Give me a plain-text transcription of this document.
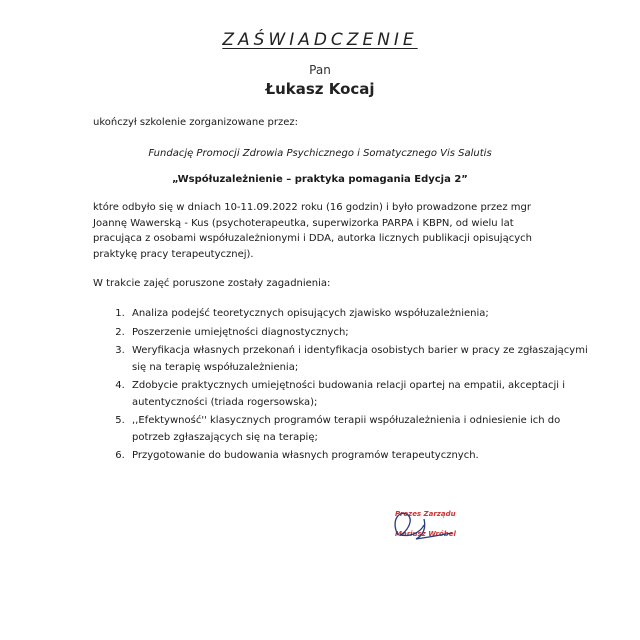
ZAŚWIADCZENIE
Pan
Łukasz Kocaj
ukończył szkolenie zorganizowane przez:
Fundację Promocji Zdrowia Psychicznego i Somatycznego Vis Salutis
„Współuzależnienie – praktyka pomagania Edycja 2”
które odbyło się w dniach 10-11.09.2022 roku (16 godzin) i było prowadzone przez mgr Joannę Wawerską - Kus (psychoterapeutka, superwizorka PARPA i KBPN, od wielu lat pracująca z osobami współuzależnionymi i DDA, autorka licznych publikacji opisujących praktykę pracy terapeutycznej).
W trakcie zajęć poruszone zostały zagadnienia:
1. Analiza podejść teoretycznych opisujących zjawisko współuzależnienia;
2. Poszerzenie umiejętności diagnostycznych;
3. Weryfikacja własnych przekonań i identyfikacja osobistych barier w pracy ze zgłaszającymi się na terapię współuzależnienia;
4. Zdobycie praktycznych umiejętności budowania relacji opartej na empatii, akceptacji i autentyczności (triada rogersowska);
5. ,,Efektywność'' klasycznych programów terapii współuzależnienia i odniesienie ich do potrzeb zgłaszających się na terapię;
6. Przygotowanie do budowania własnych programów terapeutycznych.
Prezes Zarządu
Mariusz Wróbel
